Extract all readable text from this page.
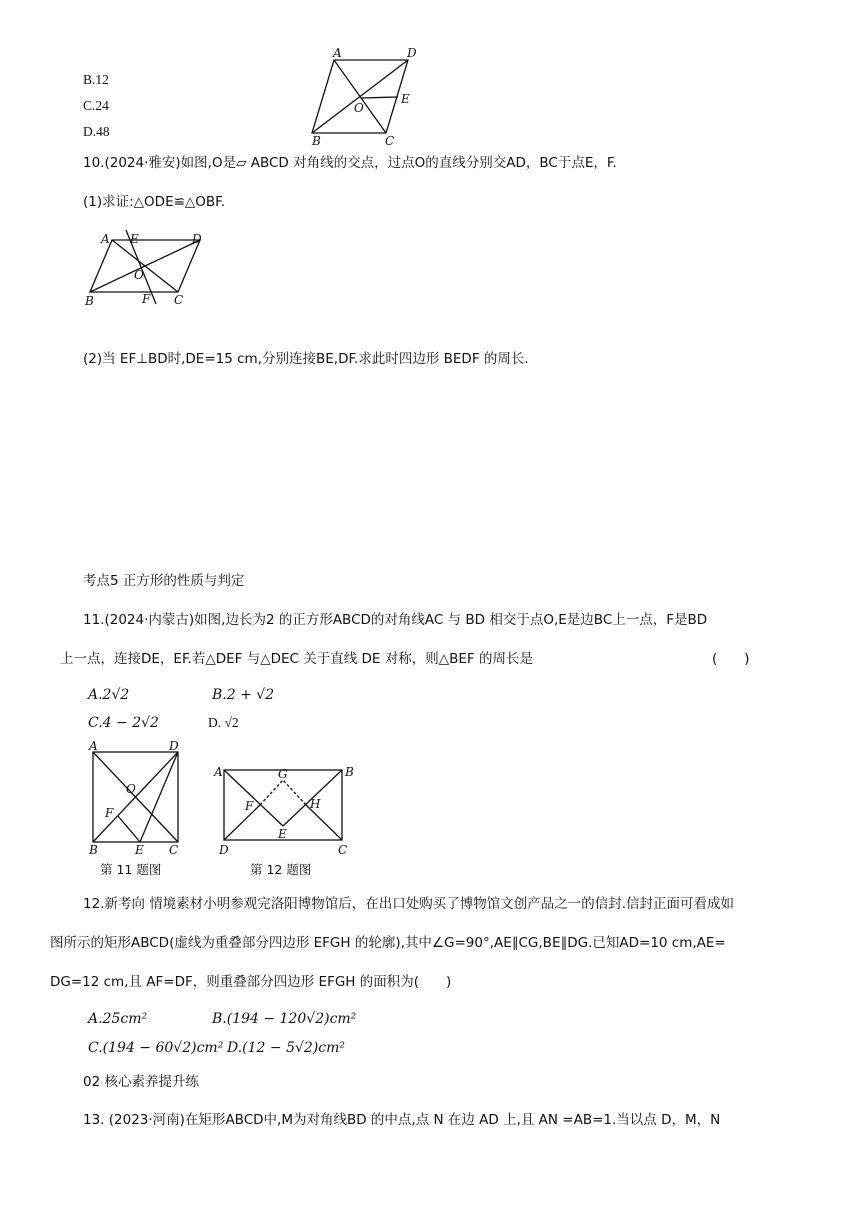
B.12
C.24
D.48
A	D
E
O
B	C
10.(2024·雅安)如图,O是▱ ABCD 对角线的交点，过点O的直线分别交AD，BC于点E，F.
(1)求证:△ODE≌△OBF.
A E	D
O
B	F C
(2)当 EF⊥BD时,DE=15 cm,分别连接BE,DF.求此时四边形 BEDF 的周长.
考点5 正方形的性质与判定
11.(2024·内蒙古)如图,边长为2 的正方形ABCD的对角线AC 与 BD 相交于点O,E是边BC上一点，F是BD
上一点，连接DE，EF.若△DEF 与△DEC 关于直线 DE 对称，则△BEF 的周长是	(　　)
A.2√2	B.2 + √2
C.4 − 2√2	D. √2
A	D
O
F
B	E C
第 11 题图
A	G	B
F	H
E
D	C
第 12 题图
12.新考向 情境素材小明参观完洛阳博物馆后，在出口处购买了博物馆文创产品之一的信封.信封正面可看成如
图所示的矩形ABCD(虚线为重叠部分四边形 EFGH 的轮廓),其中∠G=90°,AE∥CG,BE∥DG.已知AD=10 cm,AE=
DG=12 cm,且 AF=DF，则重叠部分四边形 EFGH 的面积为(　　)
A.25cm²	B.(194 − 120√2)cm²
C.(194 − 60√2)cm² D.(12 − 5√2)cm²
02 核心素养提升练
13. (2023·河南)在矩形ABCD中,M为对角线BD 的中点,点 N 在边 AD 上,且 AN =AB=1.当以点 D，M，N
